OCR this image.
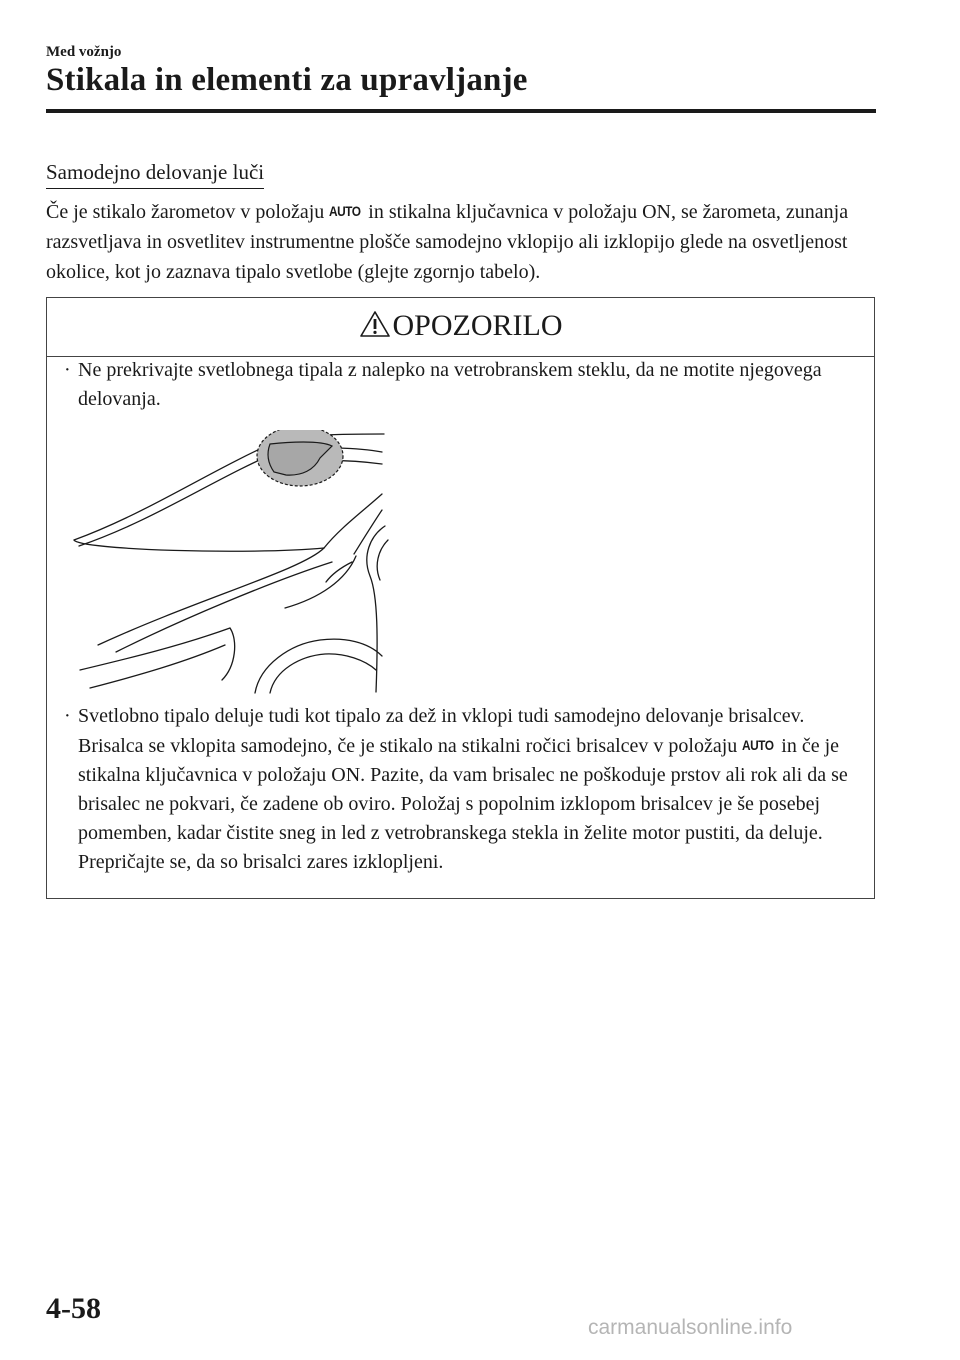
Med vožnjo
Stikala in elementi za upravljanje
Samodejno delovanje luči
Če je stikalo žarometov v položaju AUTO in stikalna ključavnica v položaju ON, se žarometa, zunanja razsvetljava in osvetlitev instrumentne plošče samodejno vklopijo ali izklopijo glede na osvetljenost okolice, kot jo zaznava tipalo svetlobe (glejte zgornjo tabelo).
OPOZORILO
· Ne prekrivajte svetlobnega tipala z nalepko na vetrobranskem steklu, da ne motite njegovega delovanja.
· Svetlobno tipalo deluje tudi kot tipalo za dež in vklopi tudi samodejno delovanje brisalcev. Brisalca se vklopita samodejno, če je stikalo na stikalni ročici brisalcev v položaju AUTO in če je stikalna ključavnica v položaju ON. Pazite, da vam brisalec ne poškoduje prstov ali rok ali da se brisalec ne pokvari, če zadene ob oviro. Položaj s popolnim izklopom brisalcev je še posebej pomemben, kadar čistite sneg in led z vetrobranskega stekla in želite motor pustiti, da deluje. Prepričajte se, da so brisalci zares izklopljeni.
4-58
carmanualsonline.info
